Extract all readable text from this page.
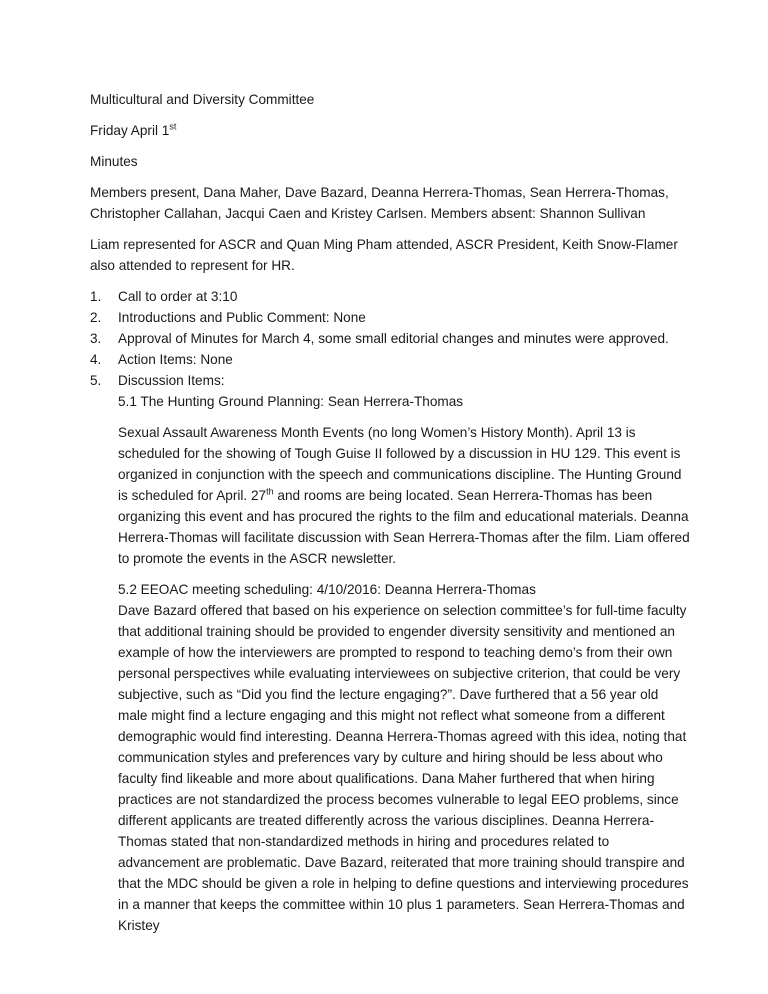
Multicultural and Diversity Committee

Friday April 1st

Minutes

Members present, Dana Maher, Dave Bazard, Deanna Herrera-Thomas, Sean Herrera-Thomas, Christopher Callahan, Jacqui Caen and Kristey Carlsen. Members absent: Shannon Sullivan

Liam represented for ASCR and Quan Ming Pham attended, ASCR President, Keith Snow-Flamer also attended to represent for HR.

1. Call to order at 3:10
2. Introductions and Public Comment: None
3. Approval of Minutes for March 4, some small editorial changes and minutes were approved.
4. Action Items: None
5. Discussion Items:

5.1 The Hunting Ground Planning: Sean Herrera-Thomas

Sexual Assault Awareness Month Events (no long Women’s History Month). April 13 is scheduled for the showing of Tough Guise II followed by a discussion in HU 129. This event is organized in conjunction with the speech and communications discipline. The Hunting Ground is scheduled for April. 27th and rooms are being located. Sean Herrera-Thomas has been organizing this event and has procured the rights to the film and educational materials. Deanna Herrera-Thomas will facilitate discussion with Sean Herrera-Thomas after the film. Liam offered to promote the events in the ASCR newsletter.

5.2 EEOAC meeting scheduling: 4/10/2016: Deanna Herrera-Thomas

Dave Bazard offered that based on his experience on selection committee’s for full-time faculty that additional training should be provided to engender diversity sensitivity and mentioned an example of how the interviewers are prompted to respond to teaching demo’s from their own personal perspectives while evaluating interviewees on subjective criterion, that could be very subjective, such as “Did you find the lecture engaging?”. Dave furthered that a 56 year old male might find a lecture engaging and this might not reflect what someone from a different demographic would find interesting. Deanna Herrera-Thomas agreed with this idea, noting that communication styles and preferences vary by culture and hiring should be less about who faculty find likeable and more about qualifications. Dana Maher furthered that when hiring practices are not standardized the process becomes vulnerable to legal EEO problems, since different applicants are treated differently across the various disciplines. Deanna Herrera-Thomas stated that non-standardized methods in hiring and procedures related to advancement are problematic. Dave Bazard, reiterated that more training should transpire and that the MDC should be given a role in helping to define questions and interviewing procedures in a manner that keeps the committee within 10 plus 1 parameters. Sean Herrera-Thomas and Kristey
